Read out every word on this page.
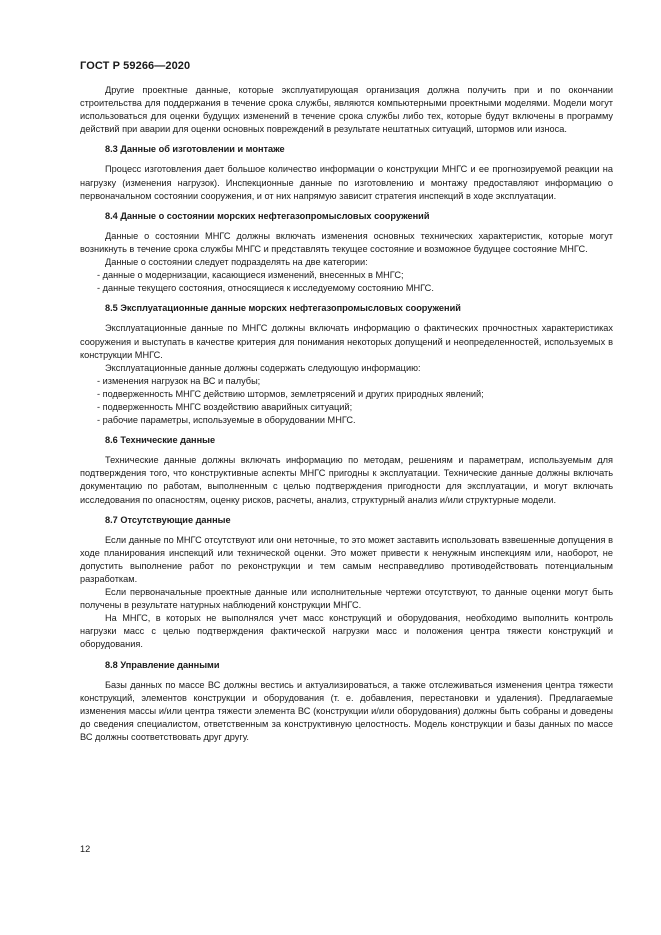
ГОСТ Р 59266—2020

Другие проектные данные, которые эксплуатирующая организация должна получить при и по окончании строительства для поддержания в течение срока службы, являются компьютерными проектными моделями. Модели могут использоваться для оценки будущих изменений в течение срока службы либо тех, которые будут включены в программу действий при аварии для оценки основных повреждений в результате нештатных ситуаций, штормов или износа.

8.3 Данные об изготовлении и монтаже

Процесс изготовления дает большое количество информации о конструкции МНГС и ее прогнозируемой реакции на нагрузку (изменения нагрузок). Инспекционные данные по изготовлению и монтажу предоставляют информацию о первоначальном состоянии сооружения, и от них напрямую зависит стратегия инспекций в ходе эксплуатации.

8.4 Данные о состоянии морских нефтегазопромысловых сооружений

Данные о состоянии МНГС должны включать изменения основных технических характеристик, которые могут возникнуть в течение срока службы МНГС и представлять текущее состояние и возможное будущее состояние МНГС.

Данные о состоянии следует подразделять на две категории:

- данные о модернизации, касающиеся изменений, внесенных в МНГС;
- данные текущего состояния, относящиеся к исследуемому состоянию МНГС.
8.5 Эксплуатационные данные морских нефтегазопромысловых сооружений

Эксплуатационные данные по МНГС должны включать информацию о фактических прочностных характеристиках сооружения и выступать в качестве критерия для понимания некоторых допущений и неопределенностей, используемых в конструкции МНГС.

Эксплуатационные данные должны содержать следующую информацию:

- изменения нагрузок на ВС и палубы;
- подверженность МНГС действию штормов, землетрясений и других природных явлений;
- подверженность МНГС воздействию аварийных ситуаций;
- рабочие параметры, используемые в оборудовании МНГС.
8.6 Технические данные

Технические данные должны включать информацию по методам, решениям и параметрам, используемым для подтверждения того, что конструктивные аспекты МНГС пригодны к эксплуатации. Технические данные должны включать документацию по работам, выполненным с целью подтверждения пригодности для эксплуатации, и могут включать исследования по опасностям, оценку рисков, расчеты, анализ, структурный анализ и/или структурные модели.

8.7 Отсутствующие данные

Если данные по МНГС отсутствуют или они неточные, то это может заставить использовать взвешенные допущения в ходе планирования инспекций или технической оценки. Это может привести к ненужным инспекциям или, наоборот, не допустить выполнение работ по реконструкции и тем самым несправедливо противодействовать потенциальным разработкам.

Если первоначальные проектные данные или исполнительные чертежи отсутствуют, то данные оценки могут быть получены в результате натурных наблюдений конструкции МНГС.

На МНГС, в которых не выполнялся учет масс конструкций и оборудования, необходимо выполнить контроль нагрузки масс с целью подтверждения фактической нагрузки масс и положения центра тяжести конструкций и оборудования.

8.8 Управление данными

Базы данных по массе ВС должны вестись и актуализироваться, а также отслеживаться изменения центра тяжести конструкций, элементов конструкции и оборудования (т. е. добавления, перестановки и удаления). Предлагаемые изменения массы и/или центра тяжести элемента ВС (конструкции и/или оборудования) должны быть собраны и доведены до сведения специалистом, ответственным за конструктивную целостность. Модель конструкции и базы данных по массе ВС должны соответствовать друг другу.

12
